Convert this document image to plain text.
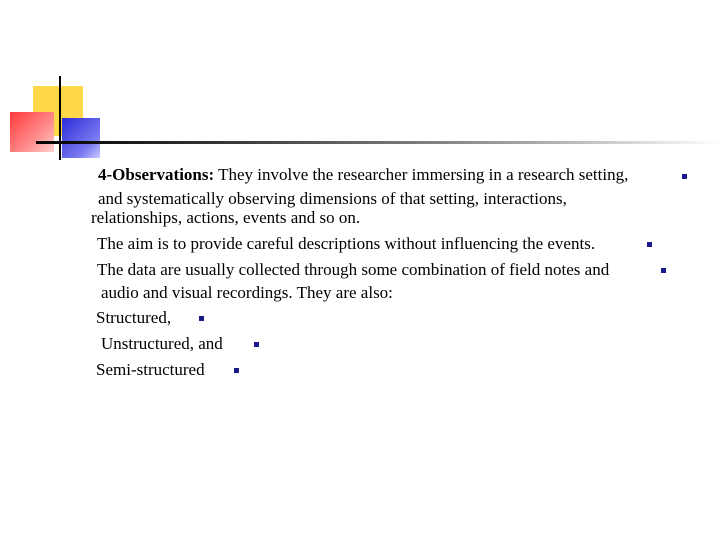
4-Observations: They involve the researcher immersing in a research setting,
and systematically observing dimensions of that setting, interactions,
relationships, actions, events and so on.
The aim is to provide careful descriptions without influencing the events.
The data are usually collected through some combination of field notes and
audio and visual recordings. They are also:
Structured,
Unstructured, and
Semi-structured
